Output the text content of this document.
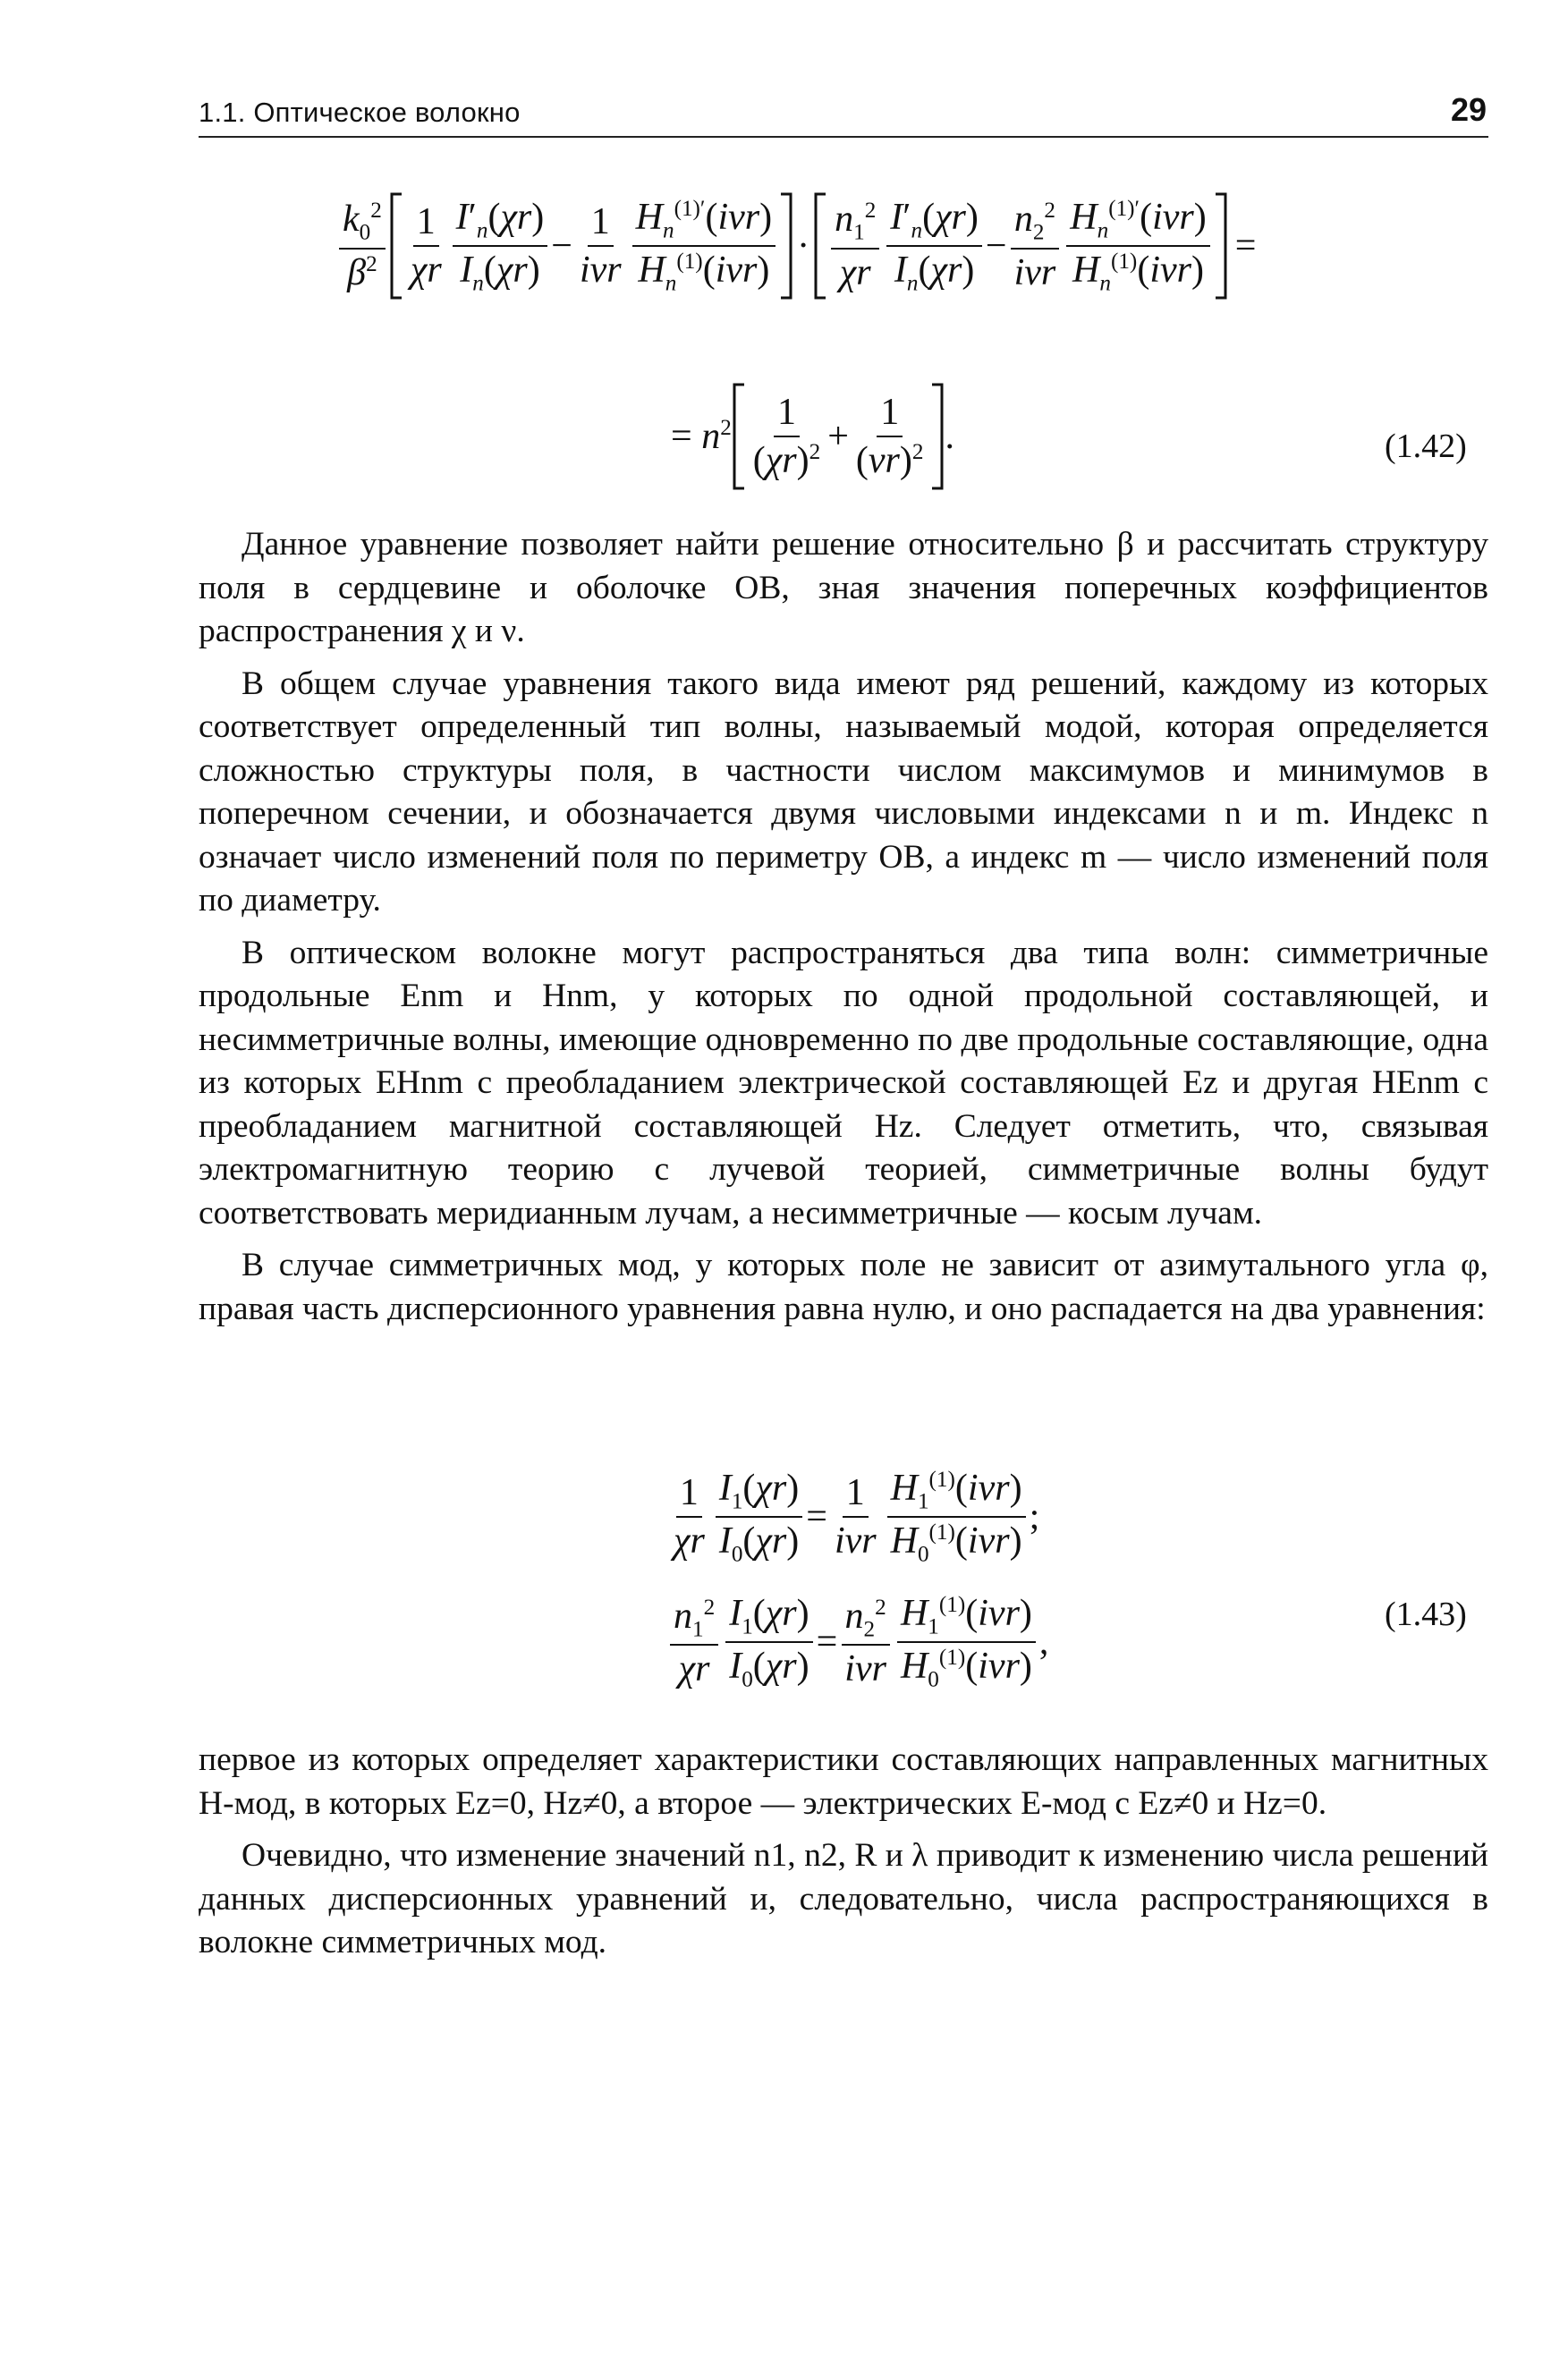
1.1. Оптическое волокно	29
$\frac{k_0^2}{\beta^2} \frac{1}{\chi r} \frac{I'_n(\chi r)}{I_n(\chi r)} - \frac{1}{\text{iνr}} \frac{H_n^{(1)'}(i\nu r)}{H_n^{(1)}(i\nu r)} \cdot \frac{n_1^2}{\chi r} \frac{I'_n(\chi r)}{I_n(\chi r)} - \frac{n_2^2}{\text{iνr}} \frac{H_n^{(1)'}(i\nu r)}{H_n^{(1)}(i\nu r)}$ =
= $n^2 \frac{1}{(\chi r)^2} + \frac{1}{(\nu r)^2}$ .	(1.42)

Данное уравнение позволяет найти решение относительно β и рассчитать структуру поля в сердцевине и оболочке ОВ, зная значения поперечных коэффициентов распространения χ и ν.

В общем случае уравнения такого вида имеют ряд решений, каждому из которых соответствует определенный тип волны, называемый модой, которая определяется сложностью структуры поля, в частности числом максимумов и минимумов в поперечном сечении, и обозначается двумя числовыми индексами n и m. Индекс n означает число изменений поля по периметру ОВ, а индекс m — число изменений поля по диаметру.

В оптическом волокне могут распространяться два типа волн: симметричные продольные Enm и Hnm, у которых по одной продольной составляющей, и несимметричные волны, имеющие одновременно по две продольные составляющие, одна из которых EHnm с преобладанием электрической составляющей Ez и другая HEnm с преобладанием магнитной составляющей Hz. Следует отметить, что, связывая электромагнитную теорию с лучевой теорией, симметричные волны будут соответствовать меридианным лучам, а несимметричные — косым лучам.

В случае симметричных мод, у которых поле не зависит от азимутального угла φ, правая часть дисперсионного уравнения равна нулю, и оно распадается на два уравнения:

$\frac{1}{\chi r} \frac{I_1(\chi r)}{I_0(\chi r)} = \frac{1}{\text{iνr}} \frac{H_1^{(1)}(i\nu r)}{H_0^{(1)}(i\nu r)}$ ;
$\frac{n_1^2}{\chi r} \frac{I_1(\chi r)}{I_0(\chi r)} = \frac{n_2^2}{\text{iνr}} \frac{H_1^{(1)}(i\nu r)}{H_0^{(1)}(i\nu r)}$ ,
(1.43)

первое из которых определяет характеристики составляющих направленных магнитных H-мод, в которых Ez=0, Hz≠0, а второе — электрических E-мод с Ez≠0 и Hz=0.

Очевидно, что изменение значений n1, n2, R и λ приводит к изменению числа решений данных дисперсионных уравнений и, следовательно, числа распространяющихся в волокне симметричных мод.
